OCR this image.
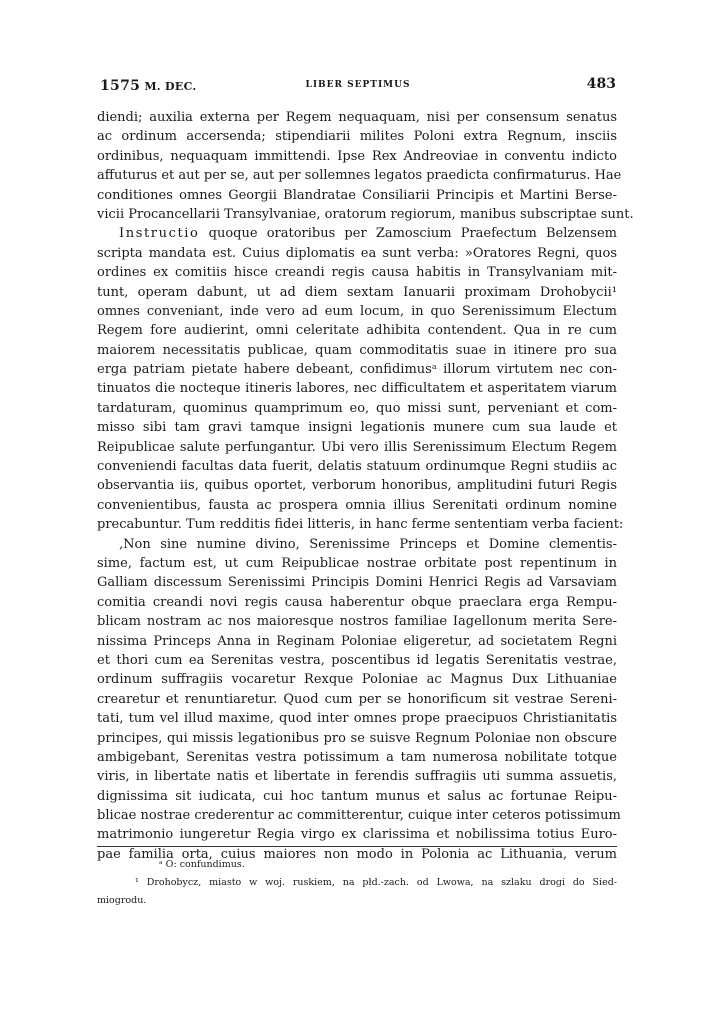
1575 M. DEC.	LIBER SEPTIMUS	483
diendi; auxilia externa per Regem nequaquam, nisi per consensum senatus
ac ordinum accersenda; stipendiarii milites Poloni extra Regnum, insciis
ordinibus, nequaquam immittendi. Ipse Rex Andreoviae in conventu indicto
affuturus et aut per se, aut per sollemnes legatos praedicta confirmaturus. Hae
conditiones omnes Georgii Blandratae Consiliarii Principis et Martini Berse-
vicii Procancellarii Transylvaniae, oratorum regiorum, manibus subscriptae sunt.
Instructio quoque oratoribus per Zamoscium Praefectum Belzensem
scripta mandata est. Cuius diplomatis ea sunt verba: »Oratores Regni, quos
ordines ex comitiis hisce creandi regis causa habitis in Transylvaniam mit-
tunt, operam dabunt, ut ad diem sextam Ianuarii proximam Drohobycii¹
omnes conveniant, inde vero ad eum locum, in quo Serenissimum Electum
Regem fore audierint, omni celeritate adhibita contendent. Qua in re cum
maiorem necessitatis publicae, quam commoditatis suae in itinere pro sua
erga patriam pietate habere debeant, confidimusᵃ illorum virtutem nec con-
tinuatos die nocteque itineris labores, nec difficultatem et asperitatem viarum
tardaturam, quominus quamprimum eo, quo missi sunt, perveniant et com-
misso sibi tam gravi tamque insigni legationis munere cum sua laude et
Reipublicae salute perfungantur. Ubi vero illis Serenissimum Electum Regem
conveniendi facultas data fuerit, delatis statuum ordinumque Regni studiis ac
observantia iis, quibus oportet, verborum honoribus, amplitudini futuri Regis
convenientibus, fausta ac prospera omnia illius Serenitati ordinum nomine
precabuntur. Tum redditis fidei litteris, in hanc ferme sententiam verba facient:
‚Non sine numine divino, Serenissime Princeps et Domine clementis-
sime, factum est, ut cum Reipublicae nostrae orbitate post repentinum in
Galliam discessum Serenissimi Principis Domini Henrici Regis ad Varsaviam
comitia creandi novi regis causa haberentur obque praeclara erga Rempu-
blicam nostram ac nos maioresque nostros familiae Iagellonum merita Sere-
nissima Princeps Anna in Reginam Poloniae eligeretur, ad societatem Regni
et thori cum ea Serenitas vestra, poscentibus id legatis Serenitatis vestrae,
ordinum suffragiis vocaretur Rexque Poloniae ac Magnus Dux Lithuaniae
crearetur et renuntiaretur. Quod cum per se honorificum sit vestrae Sereni-
tati, tum vel illud maxime, quod inter omnes prope praecipuos Christianitatis
principes, qui missis legationibus pro se suisve Regnum Poloniae non obscure
ambigebant, Serenitas vestra potissimum a tam numerosa nobilitate totque
viris, in libertate natis et libertate in ferendis suffragiis uti summa assuetis,
dignissima sit iudicata, cui hoc tantum munus et salus ac fortunae Reipu-
blicae nostrae crederentur ac committerentur, cuique inter ceteros potissimum
matrimonio iungeretur Regia virgo ex clarissima et nobilissima totius Euro-
pae familia orta, cuius maiores non modo in Polonia ac Lithuania, verum
ᵃ O: confundimus.
¹ Drohobycz, miasto w woj. ruskiem, na płd.-zach. od Lwowa, na szlaku drogi do Sied-
miogrodu.
